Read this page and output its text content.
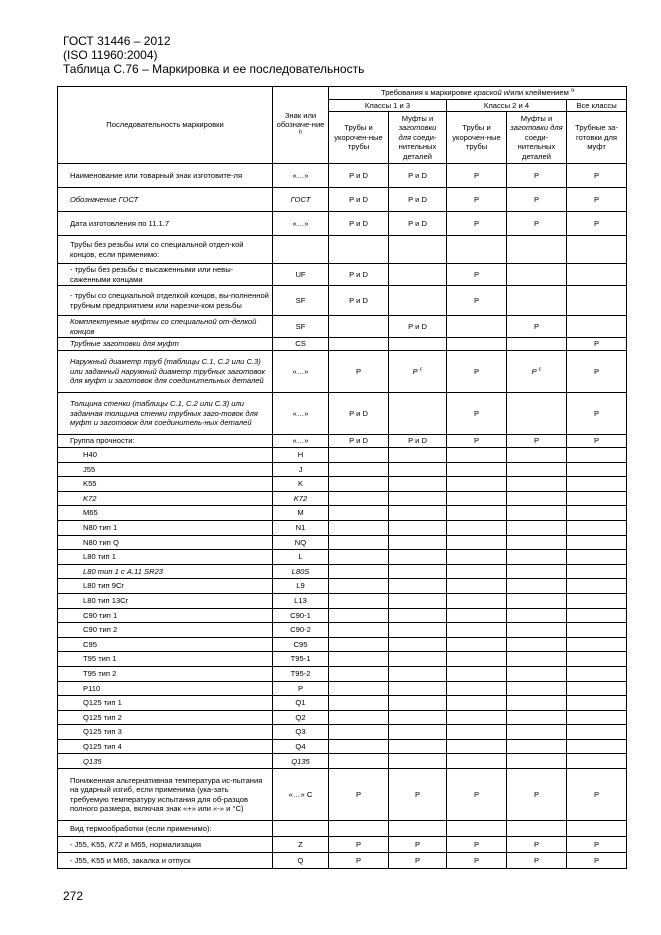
ГОСТ 31446 – 2012
(ISO 11960:2004)
Таблица С.76 – Маркировка и ее последовательность
Последовательность маркировки	Знак или обозначе-ние $^b$	Требования к маркировке краской и/или клеймением $^a$
		Классы 1 и 3		Классы 2 и 4		Все классы
		Трубы и укорочен-ные трубы	Муфты и заготовки для соеди-нительных деталей	Трубы и укорочен-ные трубы	Муфты и заготовки для соеди-нительных деталей	Трубные за-готовки для муфт
Наименование или товарный знак изготовите-ля	«…»	P и D	P и D	P	P	P
Обозначение ГОСТ	ГОСТ	P и D	P и D	P	P	P
Дата изготовления по 11.1.7	«…»	P и D	P и D	P	P	P
Трубы без резьбы или со специальной отдел-кой концов, если применимо:						
- трубы без резьбы с высаженными или невы-саженными концами	UF	P и D		P		
- трубы со специальной отделкой концов, вы-полненной трубным предприятием или нарезчи-ком резьбы	SF	P и D		P		
Комплектуемые муфты со специальной от-делкой концов	SF		P и D		P	
Трубные заготовки для муфт	CS					P
Наружный диаметр труб (таблицы С.1, С.2 или С.3) или заданный наружный диаметр трубных заготовок для муфт и заготовок для соединительных деталей	«…»	P	P $^c$	P	P $^c$	P
Толщина стенки (таблицы С.1, С.2 или С.3) или заданная толщина стенки трубных заго-товок для муфт и заготовок для соединитель-ных деталей	«…»	P и D		P		P
Группа прочности:	«…»	P и D	P и D	P	P	P
H40	H					
J55	J					
K55	K					
K72	K72					
M65	M					
N80 тип 1	N1					
N80 тип Q	NQ					
L80 тип 1	L					
L80 тип 1 с А.11 SR23	L80S					
L80 тип 9Cr	L9					
L80 тип 13Cr	L13					
C90 тип 1	C90-1					
C90 тип 2	C90-2					
C95	C95					
T95 тип 1	T95-1					
T95 тип 2	T95-2					
P110	P					
Q125 тип 1	Q1					
Q125 тип 2	Q2					
Q125 тип 3	Q3					
Q125 тип 4	Q4					
Q135	Q135					
Пониженная альтернативная температура ис-пытания на ударный изгиб, если применима (ука-зать требуемую температуру испытания для об-разцов полного размера, включая знак «+» или «-» и °С)	«…» С	P	P	P	P	P
Вид термообработки (если применимо):						
- J55, K55, K72 и M65, нормализация	Z	P	P	P	P	P
- J55, K55 и M65, закалка и отпуск	Q	P	P	P	P	P
272
